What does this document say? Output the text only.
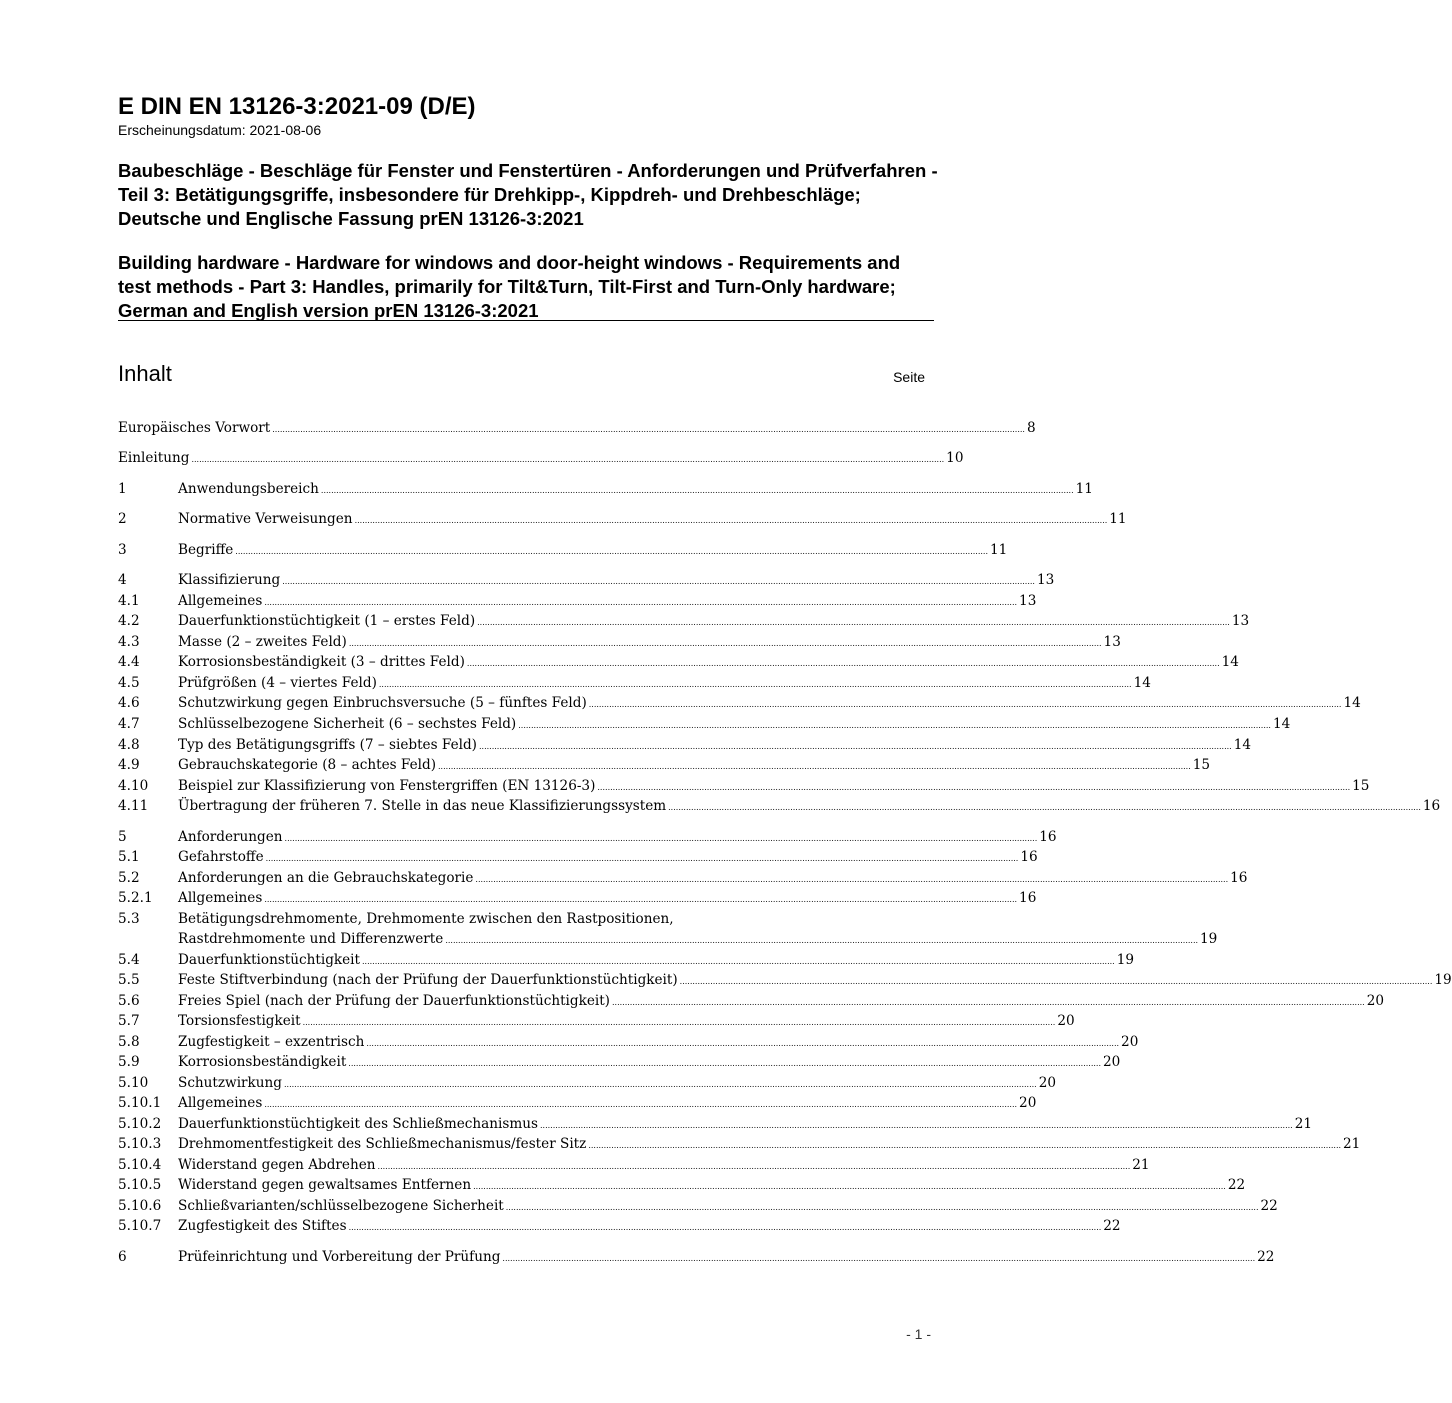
E DIN EN 13126-3:2021-09 (D/E)
Erscheinungsdatum: 2021-08-06
Baubeschläge - Beschläge für Fenster und Fenstertüren - Anforderungen und Prüfverfahren - Teil 3: Betätigungsgriffe, insbesondere für Drehkipp-, Kippdreh- und Drehbeschläge; Deutsche und Englische Fassung prEN 13126-3:2021
Building hardware - Hardware for windows and door-height windows - Requirements and test methods - Part 3: Handles, primarily for Tilt&Turn, Tilt-First and Turn-Only hardware; German and English version prEN 13126-3:2021
Inhalt	Seite
Europäisches Vorwort .....	8
Einleitung .....	10
1	Anwendungsbereich .....	11
2	Normative Verweisungen .....	11
3	Begriffe .....	11
4	Klassifizierung .....	13
4.1	Allgemeines .....	13
4.2	Dauerfunktionstüchtigkeit (1 – erstes Feld) .....	13
4.3	Masse (2 – zweites Feld) .....	13
4.4	Korrosionsbeständigkeit (3 – drittes Feld) .....	14
4.5	Prüfgrößen (4 – viertes Feld) .....	14
4.6	Schutzwirkung gegen Einbruchsversuche (5 – fünftes Feld) .....	14
4.7	Schlüsselbezogene Sicherheit (6 – sechstes Feld) .....	14
4.8	Typ des Betätigungsgriffs (7 – siebtes Feld) .....	14
4.9	Gebrauchskategorie (8 – achtes Feld) .....	15
4.10	Beispiel zur Klassifizierung von Fenstergriffen (EN 13126-3) .....	15
4.11	Übertragung der früheren 7. Stelle in das neue Klassifizierungssystem .....	16
5	Anforderungen .....	16
5.1	Gefahrstoffe .....	16
5.2	Anforderungen an die Gebrauchskategorie .....	16
5.2.1	Allgemeines .....	16
5.3	Betätigungsdrehmomente, Drehmomente zwischen den Rastpositionen,
Rastdrehmomente und Differenzwerte .....	19
5.4	Dauerfunktionstüchtigkeit .....	19
5.5	Feste Stiftverbindung (nach der Prüfung der Dauerfunktionstüchtigkeit) .....	19
5.6	Freies Spiel (nach der Prüfung der Dauerfunktionstüchtigkeit) .....	20
5.7	Torsionsfestigkeit .....	20
5.8	Zugfestigkeit – exzentrisch .....	20
5.9	Korrosionsbeständigkeit .....	20
5.10	Schutzwirkung .....	20
5.10.1	Allgemeines .....	20
5.10.2	Dauerfunktionstüchtigkeit des Schließmechanismus .....	21
5.10.3	Drehmomentfestigkeit des Schließmechanismus/fester Sitz .....	21
5.10.4	Widerstand gegen Abdrehen .....	21
5.10.5	Widerstand gegen gewaltsames Entfernen .....	22
5.10.6	Schließvarianten/schlüsselbezogene Sicherheit .....	22
5.10.7	Zugfestigkeit des Stiftes .....	22
6	Prüfeinrichtung und Vorbereitung der Prüfung .....	22
- 1 -
